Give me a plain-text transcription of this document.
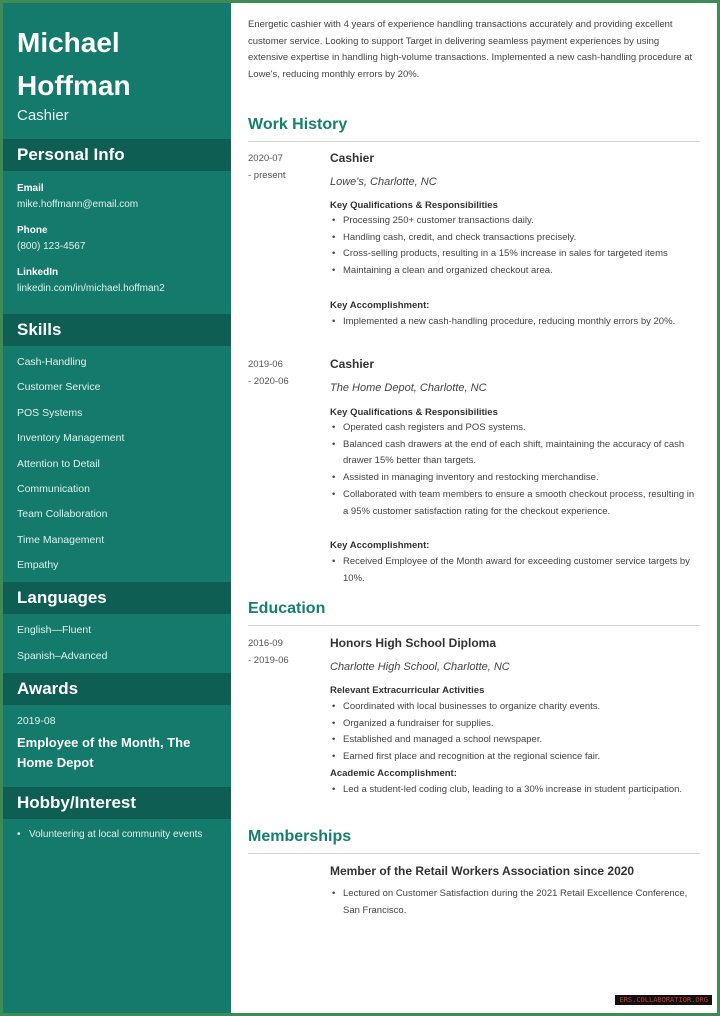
Michael Hoffman
Cashier
Personal Info
Email
mike.hoffmann@email.com
Phone
(800) 123-4567
LinkedIn
linkedin.com/in/michael.hoffman2
Skills
Cash-Handling
Customer Service
POS Systems
Inventory Management
Attention to Detail
Communication
Team Collaboration
Time Management
Empathy
Languages
English—Fluent
Spanish–Advanced
Awards
2019-08
Employee of the Month, The Home Depot
Hobby/Interest
• Volunteering at local community events
Energetic cashier with 4 years of experience handling transactions accurately and providing excellent customer service. Looking to support Target in delivering seamless payment experiences by using extensive expertise in handling high-volume transactions. Implemented a new cash-handling procedure at Lowe's, reducing monthly errors by 20%.
Work History
2020-07
- present
Cashier
Lowe's, Charlotte, NC
Key Qualifications & Responsibilities
• Processing 250+ customer transactions daily.
• Handling cash, credit, and check transactions precisely.
• Cross-selling products, resulting in a 15% increase in sales for targeted items
• Maintaining a clean and organized checkout area.
Key Accomplishment:
• Implemented a new cash-handling procedure, reducing monthly errors by 20%.
2019-06
- 2020-06
Cashier
The Home Depot, Charlotte, NC
Key Qualifications & Responsibilities
• Operated cash registers and POS systems.
• Balanced cash drawers at the end of each shift, maintaining the accuracy of cash drawer 15% better than targets.
• Assisted in managing inventory and restocking merchandise.
• Collaborated with team members to ensure a smooth checkout process, resulting in a 95% customer satisfaction rating for the checkout experience.
Key Accomplishment:
• Received Employee of the Month award for exceeding customer service targets by 10%.
Education
2016-09
- 2019-06
Honors High School Diploma
Charlotte High School, Charlotte, NC
Relevant Extracurricular Activities
• Coordinated with local businesses to organize charity events.
• Organized a fundraiser for supplies.
• Established and managed a school newspaper.
• Earned first place and recognition at the regional science fair.
Academic Accomplishment:
• Led a student-led coding club, leading to a 30% increase in student participation.
Memberships
Member of the Retail Workers Association since 2020
• Lectured on Customer Satisfaction during the 2021 Retail Excellence Conference, San Francisco.
ERS.COLLABORATIOR.ORG
